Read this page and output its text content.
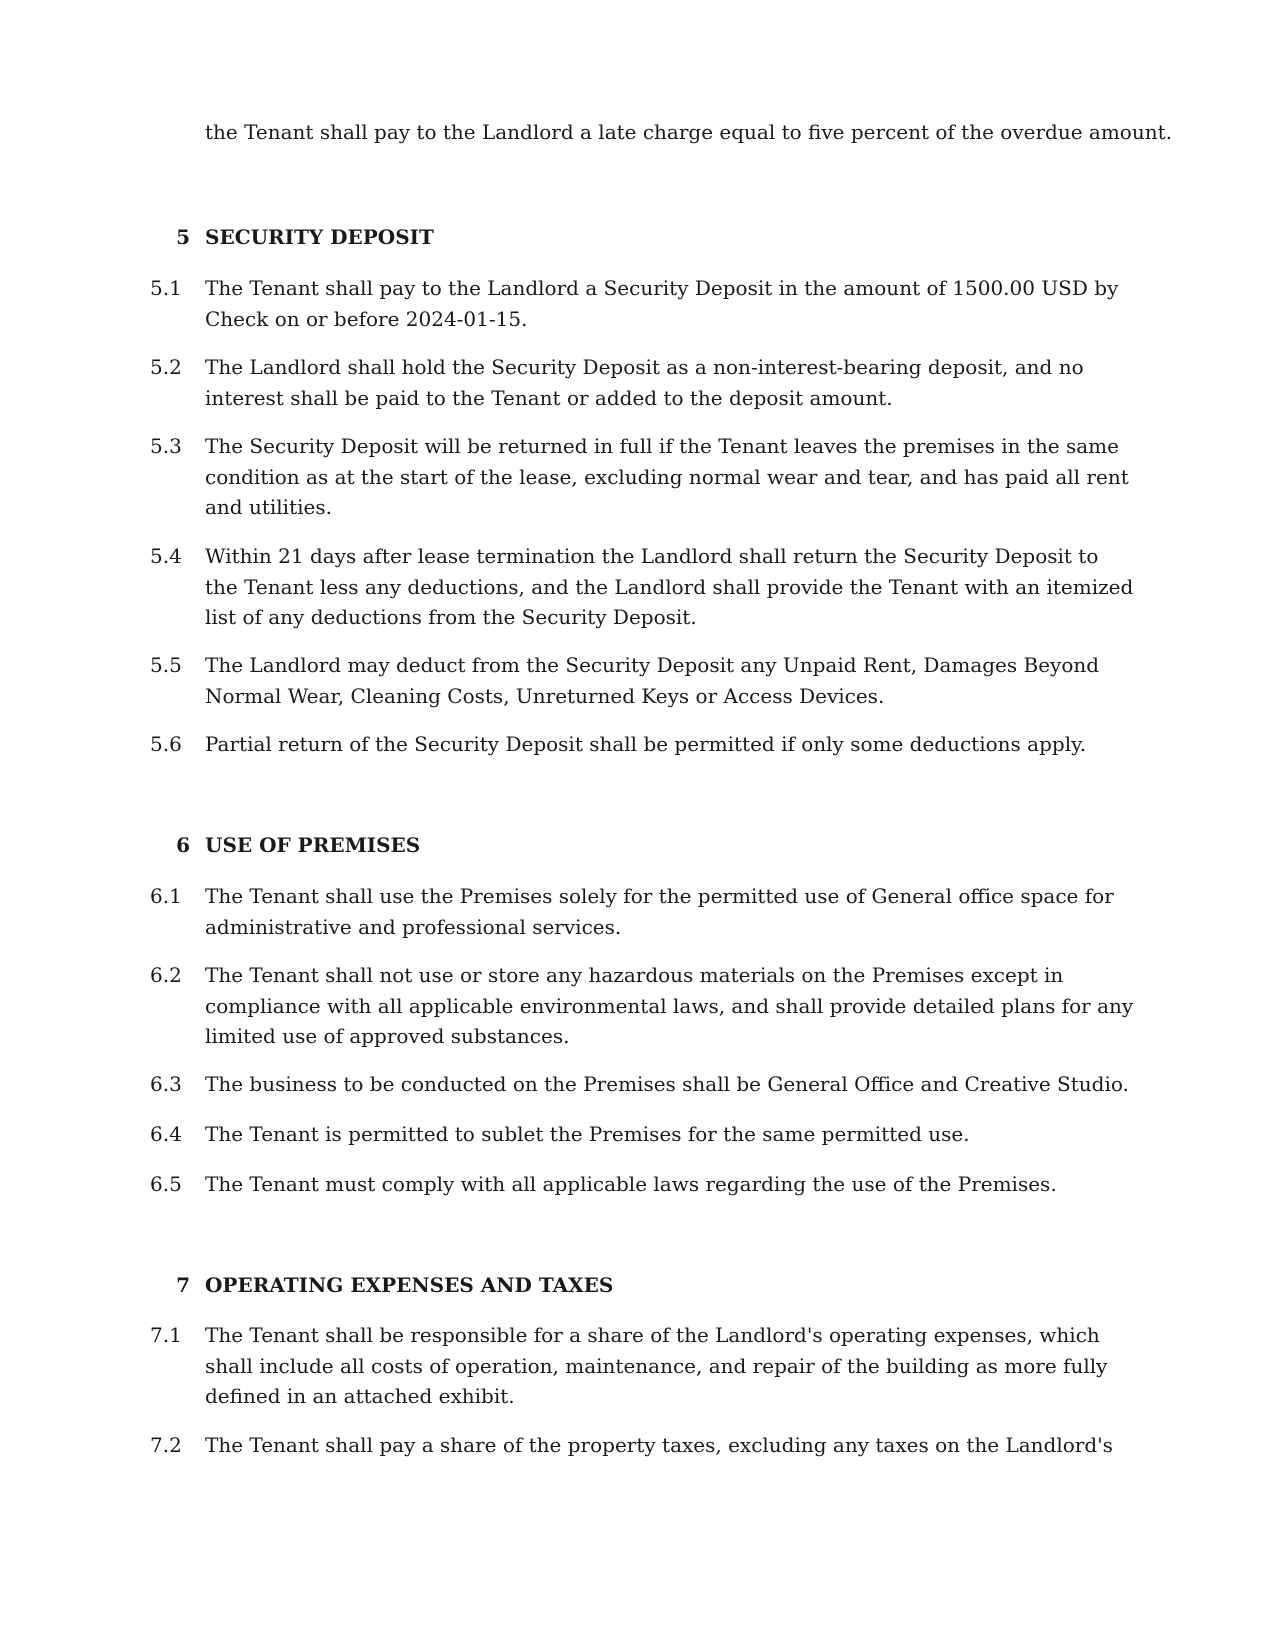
the Tenant shall pay to the Landlord a late charge equal to five percent of the overdue amount.
5 SECURITY DEPOSIT
5.1	The Tenant shall pay to the Landlord a Security Deposit in the amount of 1500.00 USD by Check on or before 2024-01-15.
5.2	The Landlord shall hold the Security Deposit as a non-interest-bearing deposit, and no interest shall be paid to the Tenant or added to the deposit amount.
5.3	The Security Deposit will be returned in full if the Tenant leaves the premises in the same condition as at the start of the lease, excluding normal wear and tear, and has paid all rent and utilities.
5.4	Within 21 days after lease termination the Landlord shall return the Security Deposit to the Tenant less any deductions, and the Landlord shall provide the Tenant with an itemized list of any deductions from the Security Deposit.
5.5	The Landlord may deduct from the Security Deposit any Unpaid Rent, Damages Beyond Normal Wear, Cleaning Costs, Unreturned Keys or Access Devices.
5.6	Partial return of the Security Deposit shall be permitted if only some deductions apply.
6 USE OF PREMISES
6.1	The Tenant shall use the Premises solely for the permitted use of General office space for administrative and professional services.
6.2	The Tenant shall not use or store any hazardous materials on the Premises except in compliance with all applicable environmental laws, and shall provide detailed plans for any limited use of approved substances.
6.3	The business to be conducted on the Premises shall be General Office and Creative Studio.
6.4	The Tenant is permitted to sublet the Premises for the same permitted use.
6.5	The Tenant must comply with all applicable laws regarding the use of the Premises.
7 OPERATING EXPENSES AND TAXES
7.1	The Tenant shall be responsible for a share of the Landlord's operating expenses, which shall include all costs of operation, maintenance, and repair of the building as more fully defined in an attached exhibit.
7.2	The Tenant shall pay a share of the property taxes, excluding any taxes on the Landlord's
